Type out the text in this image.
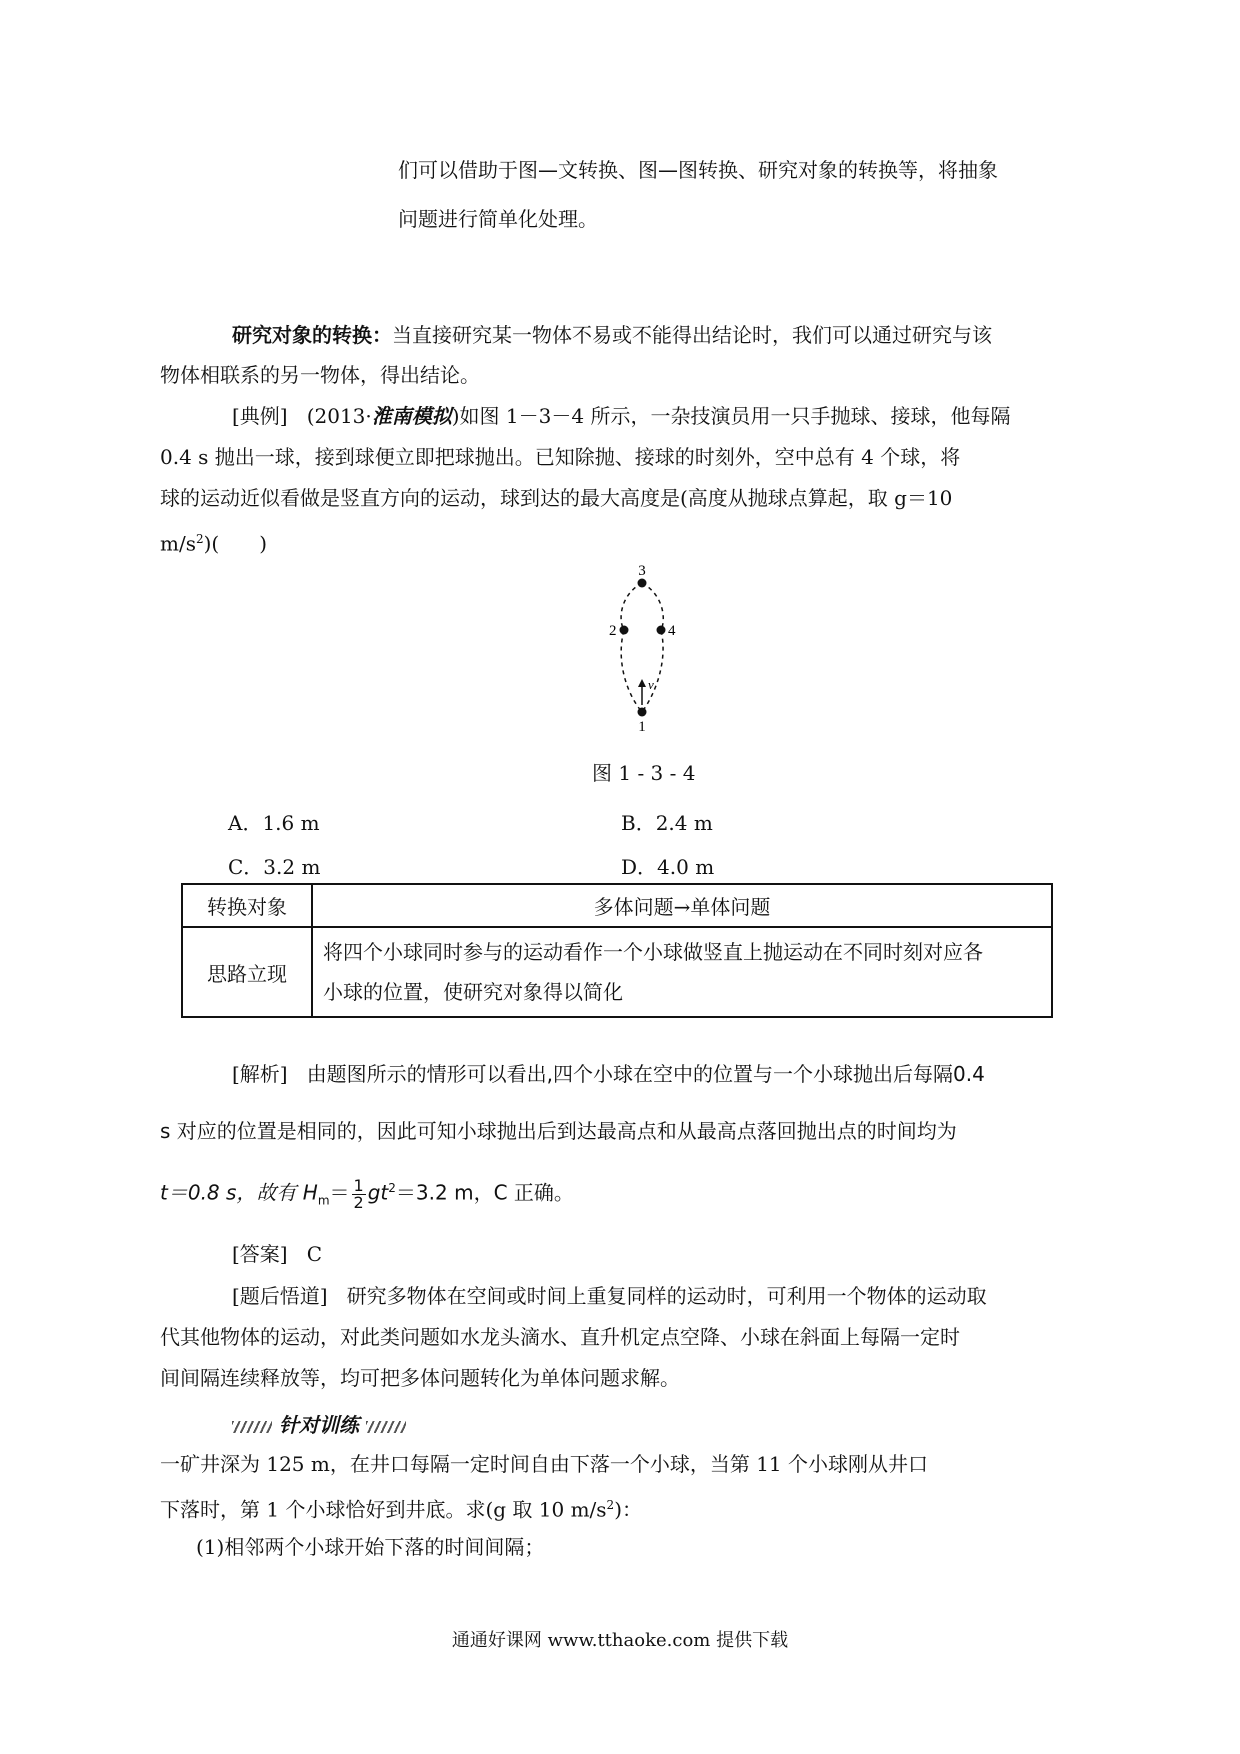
们可以借助于图—文转换、图—图转换、研究对象的转换等，将抽象
问题进行简单化处理。
研究对象的转换：当直接研究某一物体不易或不能得出结论时，我们可以通过研究与该
物体相联系的另一物体，得出结论。
[典例] (2013·淮南模拟)如图 1－3－4 所示，一杂技演员用一只手抛球、接球，他每隔
0.4 s 抛出一球，接到球便立即把球抛出。已知除抛、接球的时刻外，空中总有 4 个球，将
球的运动近似看做是竖直方向的运动，球到达的最大高度是(高度从抛球点算起，取 g＝10
$m/s^2$)(　　)
3
2	4
1
v
图 1 - 3 - 4
A．1.6 m	B．2.4 m
C．3.2 m	D．4.0 m
转换对象	多体问题→单体问题
思路立现	将四个小球同时参与的运动看作一个小球做竖直上抛运动在不同时刻对应各
小球的位置，使研究对象得以简化
[解析] 由题图所示的情形可以看出,四个小球在空中的位置与一个小球抛出后每隔0.4
s 对应的位置是相同的，因此可知小球抛出后到达最高点和从最高点落回抛出点的时间均为
t＝0.8 s，故有 $H_m= \frac{1}{2} gt^2=3.2$ m，C 正确。
[答案] C
[题后悟道] 研究多物体在空间或时间上重复同样的运动时，可利用一个物体的运动取
代其他物体的运动，对此类问题如水龙头滴水、直升机定点空降、小球在斜面上每隔一定时
间间隔连续释放等，均可把多体问题转化为单体问题求解。
针对训练
一矿井深为 125 m，在井口每隔一定时间自由下落一个小球，当第 11 个小球刚从井口
下落时，第 1 个小球恰好到井底。求(g 取 10 $m/s^2$)：
(1)相邻两个小球开始下落的时间间隔；
通通好课网 www.tthaoke.com 提供下载
